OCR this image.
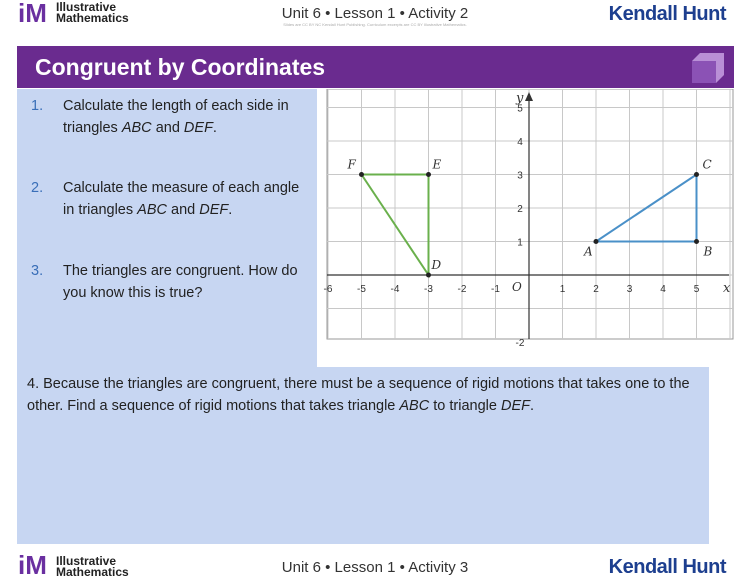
iM Illustrative
Mathematics	Unit 6 • Lesson 1 • Activity 2
Slides are CC BY NC Kendall Hunt Publishing. Curriculum excerpts are CC BY Illustrative Mathematics.	Kendall Hunt
Congruent by Coordinates
1. Calculate the length of each side in triangles ABC and DEF.
2. Calculate the measure of each angle in triangles ABC and DEF.
3. The triangles are congruent. How do you know this is true?	x
y
O
-6 -5 -4 -3 -2 -1	1	2	3	4	5
5
4
3
2
1
-2
A	B
C
D
E
F

4. Because the triangles are congruent, there must be a sequence of rigid motions that takes one to the other. Find a sequence of rigid motions that takes triangle ABC to triangle DEF.

iM Illustrative
Mathematics	Unit 6 • Lesson 1 • Activity 3	Kendall Hunt
